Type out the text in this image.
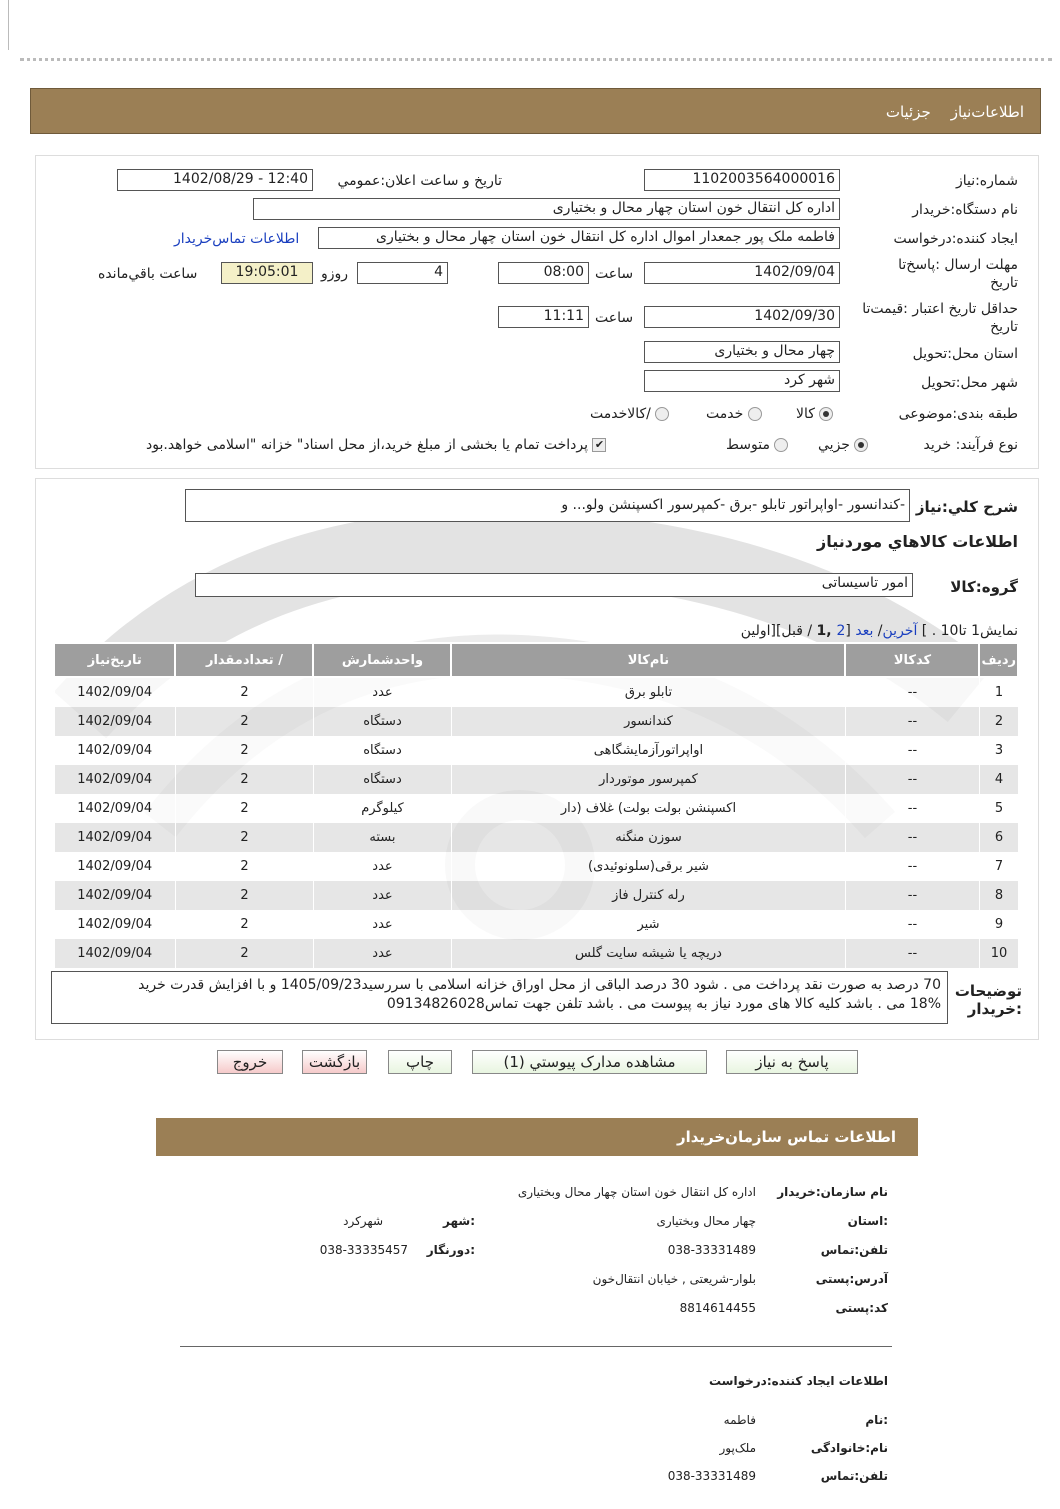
اطلاعات‌نیازجزئیات
شماره:نیاز
1102003564000016
تاریخ و ساعت اعلان:عمومي
1402/08/29 - 12:40
نام دستگاه:خریدار
اداره کل انتقال خون استان چهار محال و بختیاری
ایجاد کننده:درخواست
فاطمه ملک پور جمعدار اموال اداره کل انتقال خون استان چهار محال و بختیاری
اطلاعات تماس‌خریدار
مهلت ارسال :پاسخ‌تا تاریخ
1402/09/04
ساعت
08:00
4
روزو
19:05:01
ساعت باقي‌مانده
حداقل تاریخ اعتبار :قیمت‌تا تاریخ
1402/09/30
ساعت
11:11
استان محل:تحویل
چهار محال و بختیاری
شهر محل:تحویل
شهر کرد
طبقه بندی:موضوعی
کالا
خدمت
/کالاخدمت
نوع فرآیند: خرید
جزیي
متوسط
✔ پرداخت تمام یا بخشی از مبلغ خرید،از محل اسناد" خزانه "اسلامی خواهد.بود
شرح کلي:نیاز
-کندانسور -اواپراتور تابلو -برق -کمپرسور اکسپنشن ولو... و
اطلاعات کالاهاي موردنیاز
گروه:کالا
امور تاسیساتی
نمایش1 تا10 . ] آخرین/ بعد [2 ,1 / قبل][اولین
ردیف	کدکالا	نام‌کالا	واحدشمارش	/ تعدادمقدار	تاریخ‌نیاز
1	--	تابلو برق	عدد	2	1402/09/04
2	--	کندانسور	دستگاه	2	1402/09/04
3	--	اواپراتورآزمایشگاهی	دستگاه	2	1402/09/04
4	--	کمپرسور موتوردار	دستگاه	2	1402/09/04
5	--	اکسپنشن بولت بولت) غلاف (دار	کیلوگرم	2	1402/09/04
6	--	سوزن منگنه	بسته	2	1402/09/04
7	--	شیر برقی(سلونوئیدی)	عدد	2	1402/09/04
8	--	رله کنترل فاز	عدد	2	1402/09/04
9	--	شیر	عدد	2	1402/09/04
10	--	دریچه یا شیشه سایت گلس	عدد	2	1402/09/04
توضیحات :خریدار
70 درصد به صورت نقد پرداخت می . شود 30 درصد الباقی از محل اوراق خزانه اسلامی با سررسید1405/09/23 و با افزایش قدرت خرید
18% می . باشد کلیه کالا های مورد نیاز به پیوست می . باشد تلفن جهت تماس09134826028
پاسخ به نیاز
مشاهده مدارک پیوستي (1)
چاپ
بازگشت
خروج
اطلاعات تماس سازمان‌خریدار
نام سازمان:خریدار
اداره کل انتقال خون استان چهار محال وبختیاری
:استان
چهار محال وبختیاری
:شهر
شهرکرد
تلفن:تماس
038-33331489
:دورنگار
038-33335457
آدرس:پستی
بلوار-شریعتی , خیابان انتقال‌خون
کد:پستی
8814614455
اطلاعات ایجاد کننده:درخواست
:نام
فاطمه
نام:خانوادگی
ملک‌پور
تلفن:تماس
038-33331489
